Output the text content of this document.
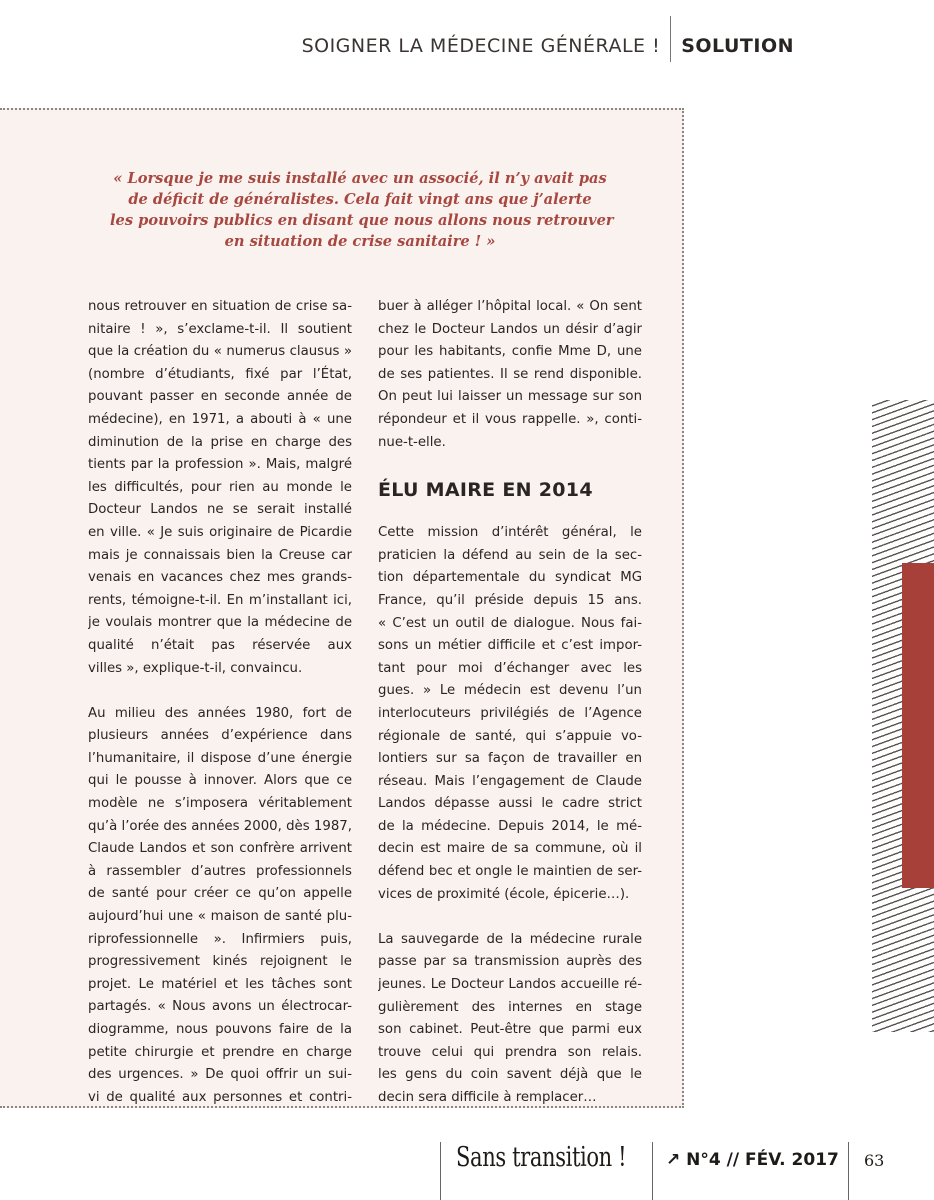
SOIGNER LA MÉDECINE GÉNÉRALE !	SOLUTION
« Lorsque je me suis installé avec un associé, il n’y avait pas
de déficit de généralistes. Cela fait vingt ans que j’alerte
les pouvoirs publics en disant que nous allons nous retrouver
en situation de crise sanitaire ! »
nous retrouver en situation de crise sa-
nitaire ! », s’exclame-t-il. Il soutient
que la création du « numerus clausus »
(nombre d’étudiants, fixé par l’État,
pouvant passer en seconde année de
médecine), en 1971, a abouti à « une
diminution de la prise en charge des
tients par la profession ». Mais, malgré
les difficultés, pour rien au monde le
Docteur Landos ne se serait installé
en ville. « Je suis originaire de Picardie
mais je connaissais bien la Creuse car
venais en vacances chez mes grands-
rents, témoigne-t-il. En m’installant ici,
je voulais montrer que la médecine de
qualité n’était pas réservée aux
villes », explique-t-il, convaincu.
Au milieu des années 1980, fort de
plusieurs années d’expérience dans
l’humanitaire, il dispose d’une énergie
qui le pousse à innover. Alors que ce
modèle ne s’imposera véritablement
qu’à l’orée des années 2000, dès 1987,
Claude Landos et son confrère arrivent
à rassembler d’autres professionnels
de santé pour créer ce qu’on appelle
aujourd’hui une « maison de santé plu-
riprofessionnelle ». Infirmiers puis,
progressivement kinés rejoignent le
projet. Le matériel et les tâches sont
partagés. « Nous avons un électrocar-
diogramme, nous pouvons faire de la
petite chirurgie et prendre en charge
des urgences. » De quoi offrir un sui-
vi de qualité aux personnes et contri-
buer à alléger l’hôpital local. « On sent
chez le Docteur Landos un désir d’agir
pour les habitants, confie Mme D, une
de ses patientes. Il se rend disponible.
On peut lui laisser un message sur son
répondeur et il vous rappelle. », conti-
nue-t-elle.
ÉLU MAIRE EN 2014
Cette mission d’intérêt général, le
praticien la défend au sein de la sec-
tion départementale du syndicat MG
France, qu’il préside depuis 15 ans.
« C’est un outil de dialogue. Nous fai-
sons un métier difficile et c’est impor-
tant pour moi d’échanger avec les
gues. » Le médecin est devenu l’un
interlocuteurs privilégiés de l’Agence
régionale de santé, qui s’appuie vo-
lontiers sur sa façon de travailler en
réseau. Mais l’engagement de Claude
Landos dépasse aussi le cadre strict
de la médecine. Depuis 2014, le mé-
decin est maire de sa commune, où il
défend bec et ongle le maintien de ser-
vices de proximité (école, épicerie…).
La sauvegarde de la médecine rurale
passe par sa transmission auprès des
jeunes. Le Docteur Landos accueille ré-
gulièrement des internes en stage
son cabinet. Peut-être que parmi eux
trouve celui qui prendra son relais.
les gens du coin savent déjà que le
decin sera difficile à remplacer…
Sans transition ! ↗ N°4 // FÉV. 2017 63
